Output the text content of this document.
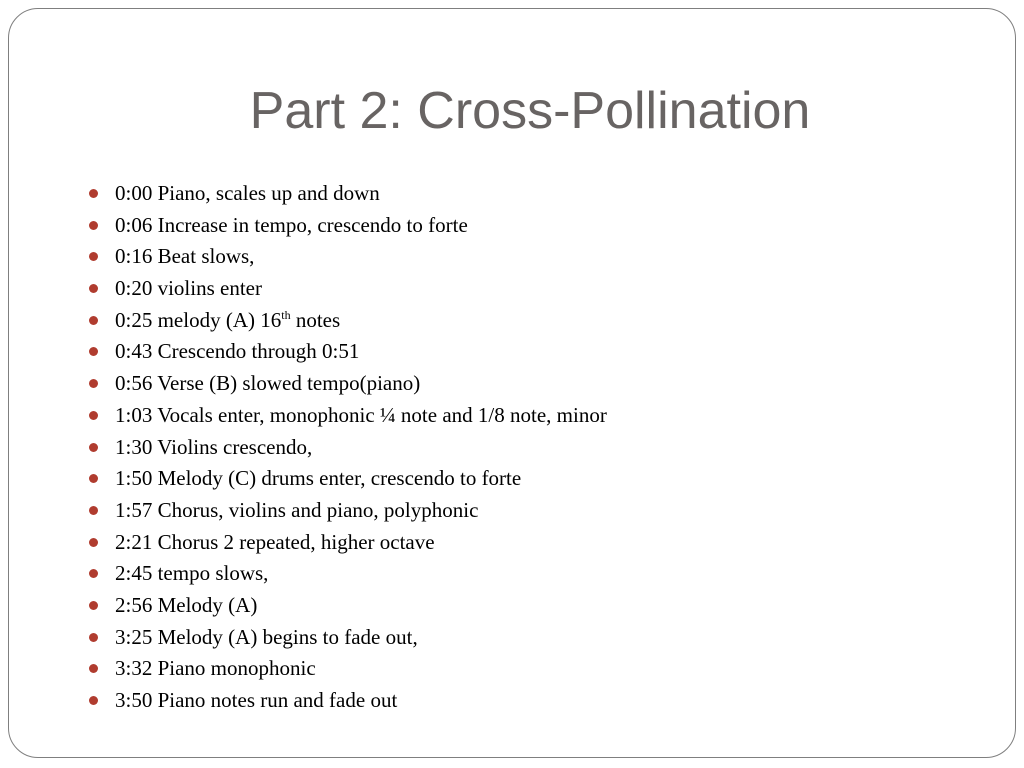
Part 2: Cross-Pollination
0:00 Piano, scales up and down
0:06 Increase in tempo, crescendo to forte
0:16 Beat slows,
0:20 violins enter
0:25 melody (A) 16th notes
0:43 Crescendo through 0:51
0:56 Verse (B) slowed tempo(piano)
1:03 Vocals enter, monophonic ¼ note and 1/8 note, minor
1:30 Violins crescendo,
1:50 Melody (C) drums enter, crescendo to forte
1:57 Chorus, violins and piano, polyphonic
2:21 Chorus 2 repeated, higher octave
2:45 tempo slows,
2:56 Melody (A)
3:25 Melody (A) begins to fade out,
3:32 Piano monophonic
3:50 Piano notes run and fade out
